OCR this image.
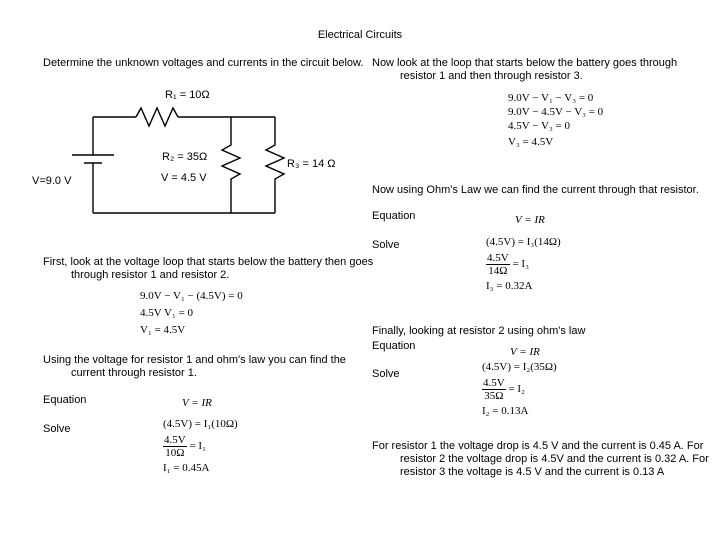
Electrical Circuits
Determine the unknown voltages and currents in the circuit below.
R₁ = 10Ω
R₂ = 35Ω
R₃ = 14 Ω
V=9.0 V	V = 4.5 V
First, look at the voltage loop that starts below the battery then goes through resistor 1 and resistor 2.
9.0V − V₁ − (4.5V) = 0
4.5V V₁ = 0
V₁ = 4.5V
Using the voltage for resistor 1 and ohm's law you can find the current through resistor 1.
Equation	V = IR
Solve	(4.5V) = I₁(10Ω)
$\frac{4.5V}{10\Omega} = I_1$
I₁ = 0.45A
Now look at the loop that starts below the battery goes through resistor 1 and then through resistor 3.
9.0V − V₁ − V₃ = 0
9.0V − 4.5V − V₃ = 0
4.5V − V₃ = 0
V₃ = 4.5V
Now using Ohm's Law we can find the current through that resistor.
Equation	V = IR
Solve	(4.5V) = I₃(14Ω)
$\frac{4.5V}{14\Omega} = I_3$
I₃ = 0.32A
Finally, looking at resistor 2 using ohm's law
Equation	V = IR
Solve
(4.5V) = I₂(35Ω)
$\frac{4.5V}{35\Omega} = I_2$
I₂ = 0.13A
For resistor 1 the voltage drop is 4.5 V and the current is 0.45 A. For resistor 2 the voltage drop is 4.5V and the current is 0.32 A. For resistor 3 the voltage is 4.5 V and the current is 0.13 A
